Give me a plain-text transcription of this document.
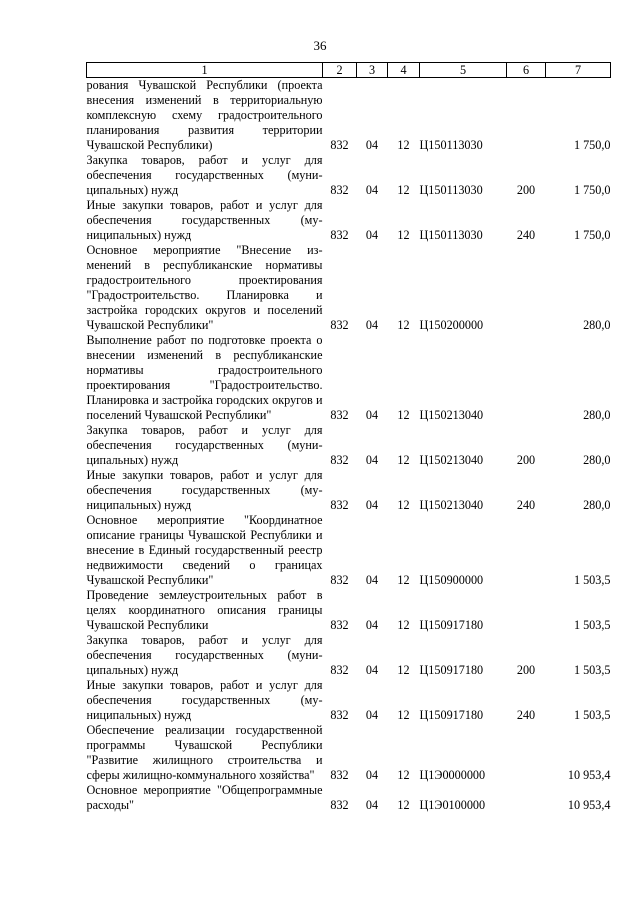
36
1	2	3	4	5	6	7
рования Чувашской Республики (проекта внесения изменений в территориальную комплексную схему градостроительного планирования развития территории Чувашской Республики)	832	04	12	Ц150113030		1 750,0
Закупка товаров, работ и услуг для обеспечения государственных (муниципальных) нужд	832	04	12	Ц150113030	200	1 750,0
Иные закупки товаров, работ и услуг для обеспечения государственных (муниципальных) нужд	832	04	12	Ц150113030	240	1 750,0
Основное мероприятие "Внесение изменений в республиканские нормативы градостроительного проектирования "Градостроительство. Планировка и застройка городских округов и поселений Чувашской Республики"	832	04	12	Ц150200000		280,0
Выполнение работ по подготовке проекта о внесении изменений в республиканские нормативы градостроительного проектирования "Градостроительство. Планировка и застройка городских округов и поселений Чувашской Республики"	832	04	12	Ц150213040		280,0
Закупка товаров, работ и услуг для обеспечения государственных (муниципальных) нужд	832	04	12	Ц150213040	200	280,0
Иные закупки товаров, работ и услуг для обеспечения государственных (муниципальных) нужд	832	04	12	Ц150213040	240	280,0
Основное мероприятие "Координатное описание границы Чувашской Республики и внесение в Единый государственный реестр недвижимости сведений о границах Чувашской Республики"	832	04	12	Ц150900000		1 503,5
Проведение землеустроительных работ в целях координатного описания границы Чувашской Республики	832	04	12	Ц150917180		1 503,5
Закупка товаров, работ и услуг для обеспечения государственных (муниципальных) нужд	832	04	12	Ц150917180	200	1 503,5
Иные закупки товаров, работ и услуг для обеспечения государственных (муниципальных) нужд	832	04	12	Ц150917180	240	1 503,5
Обеспечение реализации государственной программы Чувашской Республики "Развитие жилищного строительства и сферы жилищно-коммунального хозяйства"	832	04	12	Ц1Э0000000		10 953,4
Основное мероприятие "Общепрограммные расходы"	832	04	12	Ц1Э0100000		10 953,4
